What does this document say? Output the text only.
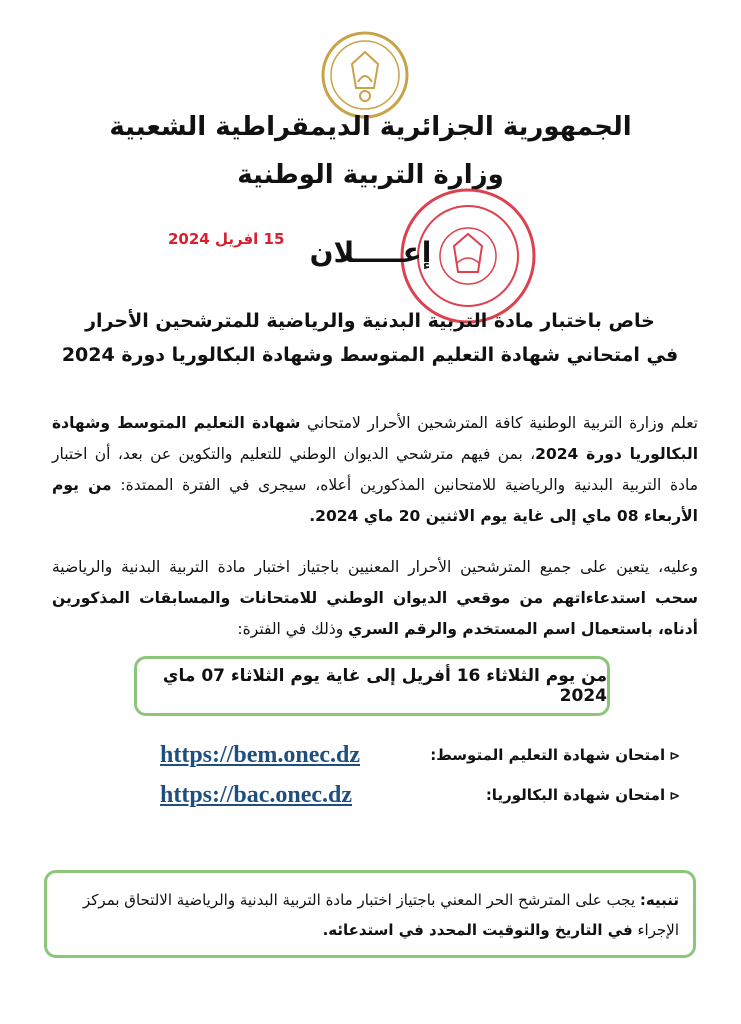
الجمهورية الجزائرية الديمقراطية الشعبية
وزارة التربية الوطنية
15 افريل 2024 إعـــــلان
خاص باختبار مادة التربية البدنية والرياضية للمترشحين الأحرار
في امتحاني شهادة التعليم المتوسط وشهادة البكالوريا دورة 2024
تعلم وزارة التربية الوطنية كافة المترشحين الأحرار لامتحاني شهادة التعليم المتوسط وشهادة البكالوريا دورة 2024، بمن فيهم مترشحي الديوان الوطني للتعليم والتكوين عن بعد، أن اختبار مادة التربية البدنية والرياضية للامتحانين المذكورين أعلاه، سيجرى في الفترة الممتدة: من يوم الأربعاء 08 ماي إلى غاية يوم الاثنين 20 ماي 2024.
وعليه، يتعين على جميع المترشحين الأحرار المعنيين باجتياز اختبار مادة التربية البدنية والرياضية سحب استدعاءاتهم من موقعي الديوان الوطني للامتحانات والمسابقات المذكورين أدناه، باستعمال اسم المستخدم والرقم السري وذلك في الفترة:
من يوم الثلاثاء 16 أفريل إلى غاية يوم الثلاثاء 07 ماي 2024
⊲امتحان شهادة التعليم المتوسط:
https://bem.onec.dz
⊲امتحان شهادة البكالوريا:
https://bac.onec.dz
تنبيه: يجب على المترشح الحر المعني باجتياز اختبار مادة التربية البدنية والرياضية الالتحاق بمركز الإجراء في التاريخ والتوقيت المحدد في استدعائه.
